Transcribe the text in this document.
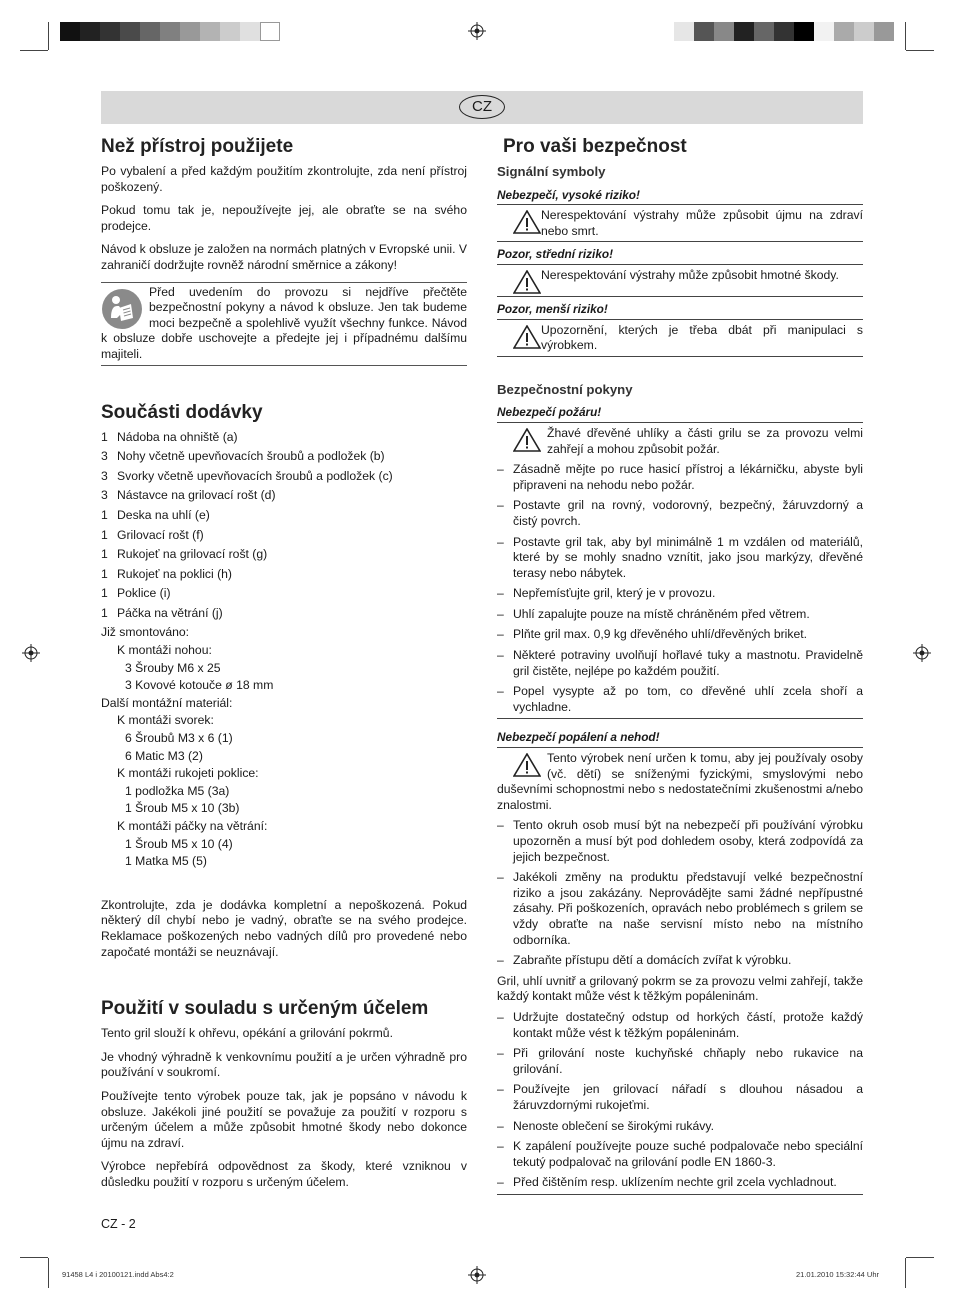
CZ
Než přístroj použijete

Po vybalení a před každým použitím zkontrolujte, zda není přístroj poškozený.

Pokud tomu tak je, nepoužívejte jej, ale obraťte se na svého prodejce.

Návod k obsluze je založen na normách platných v Evropské unii. V zahraničí dodržujte rovněž národní směrnice a zákony!

Před uvedením do provozu si nejdříve přečtěte bezpečnostní pokyny a návod k obsluze. Jen tak budeme moci bezpečně a spolehlivě využít všechny funkce. Návod k obsluze dobře uschovejte a předejte jej i případnému dalšímu majiteli.
Součásti dodávky
1 Nádoba na ohniště (a)
3 Nohy včetně upevňovacích šroubů a podložek (b)
3 Svorky včetně upevňovacích šroubů a podložek (c)
3 Nástavce na grilovací rošt (d)
1 Deska na uhlí (e)
1 Grilovací rošt (f)
1 Rukojeť na grilovací rošt (g)
1 Rukojeť na poklici (h)
1 Poklice (i)
1 Páčka na větrání (j)
Již smontováno:
K montáži nohou:
3 Šrouby M6 x 25
3 Kovové kotouče ø 18 mm
Další montážní materiál:
K montáži svorek:
6 Šroubů M3 x 6 (1)
6 Matic M3 (2)
K montáži rukojeti poklice:
1 podložka M5 (3a)
1 Šroub M5 x 10 (3b)
K montáži páčky na větrání:
1 Šroub M5 x 10 (4)
1 Matka M5 (5)

Zkontrolujte, zda je dodávka kompletní a nepoškozená. Pokud některý díl chybí nebo je vadný, obraťte se na svého prodejce. Reklamace poškozených nebo vadných dílů pro provedené nebo započaté montáži se neuznávají.

Použití v souladu s určeným účelem

Tento gril slouží k ohřevu, opékání a grilování pokrmů.

Je vhodný výhradně k venkovnímu použití a je určen výhradně pro používání v soukromí.

Používejte tento výrobek pouze tak, jak je popsáno v návodu k obsluze. Jakékoli jiné použití se považuje za použití v rozporu s určeným účelem a může způsobit hmotné škody nebo dokonce újmu na zdraví.

Výrobce nepřebírá odpovědnost za škody, které vzniknou v důsledku použití v rozporu s určeným účelem.

Pro vaši bezpečnost
Signální symboly
Nebezpečí, vysoké riziko!
Nerespektování výstrahy může způsobit újmu na zdraví nebo smrt.
Pozor, střední riziko!
Nerespektování výstrahy může způsobit hmotné škody.
Pozor, menší riziko!
Upozornění, kterých je třeba dbát při manipulaci s výrobkem.
Bezpečnostní pokyny
Nebezpečí požáru!
Žhavé dřevěné uhlíky a části grilu se za provozu velmi zahřejí a mohou způsobit požár.
– Zásadně mějte po ruce hasicí přístroj a lékárničku, abyste byli připraveni na nehodu nebo požár.
– Postavte gril na rovný, vodorovný, bezpečný, žáruvzdorný a čistý povrch.
– Postavte gril tak, aby byl minimálně 1 m vzdálen od materiálů, které by se mohly snadno vznítit, jako jsou markýzy, dřevěné terasy nebo nábytek.
– Nepřemísťujte gril, který je v provozu.
– Uhlí zapalujte pouze na místě chráněném před větrem.
– Plňte gril max. 0,9 kg dřevěného uhlí/dřevěných briket.
– Některé potraviny uvolňují hořlavé tuky a mastnotu. Pravidelně gril čistěte, nejlépe po každém použití.
– Popel vysypte až po tom, co dřevěné uhlí zcela shoří a vychladne.
Nebezpečí popálení a nehod!
Tento výrobek není určen k tomu, aby jej používaly osoby (vč. dětí) se sníženými fyzickými, smyslovými nebo duševními schopnostmi nebo s nedostatečními zkušenostmi a/nebo znalostmi.
– Tento okruh osob musí být na nebezpečí při používání výrobku upozorněn a musí být pod dohledem osoby, která zodpovídá za jejich bezpečnost.
– Jakékoli změny na produktu představují velké bezpečnostní riziko a jsou zakázány. Neprovádějte sami žádné nepřípustné zásahy. Při poškozeních, opravách nebo problémech s grilem se vždy obraťte na naše servisní místo nebo na místního odborníka.
– Zabraňte přístupu dětí a domácích zvířat k výrobku.

Gril, uhlí uvnitř a grilovaný pokrm se za provozu velmi zahřejí, takže každý kontakt může vést k těžkým popáleninám.

– Udržujte dostatečný odstup od horkých částí, protože každý kontakt může vést k těžkým popáleninám.
– Při grilování noste kuchyňské chňaply nebo rukavice na grilování.
– Používejte jen grilovací nářadí s dlouhou násadou a žáruvzdornými rukojeťmi.
– Nenoste oblečení se širokými rukávy.
– K zapálení používejte pouze suché podpalovače nebo speciální tekutý podpalovač na grilování podle EN 1860-3.
– Před čištěním resp. uklízením nechte gril zcela vychladnout.
CZ - 2
91458 L4 i 20100121.indd Abs4:2	21.01.2010 15:32:44 Uhr
